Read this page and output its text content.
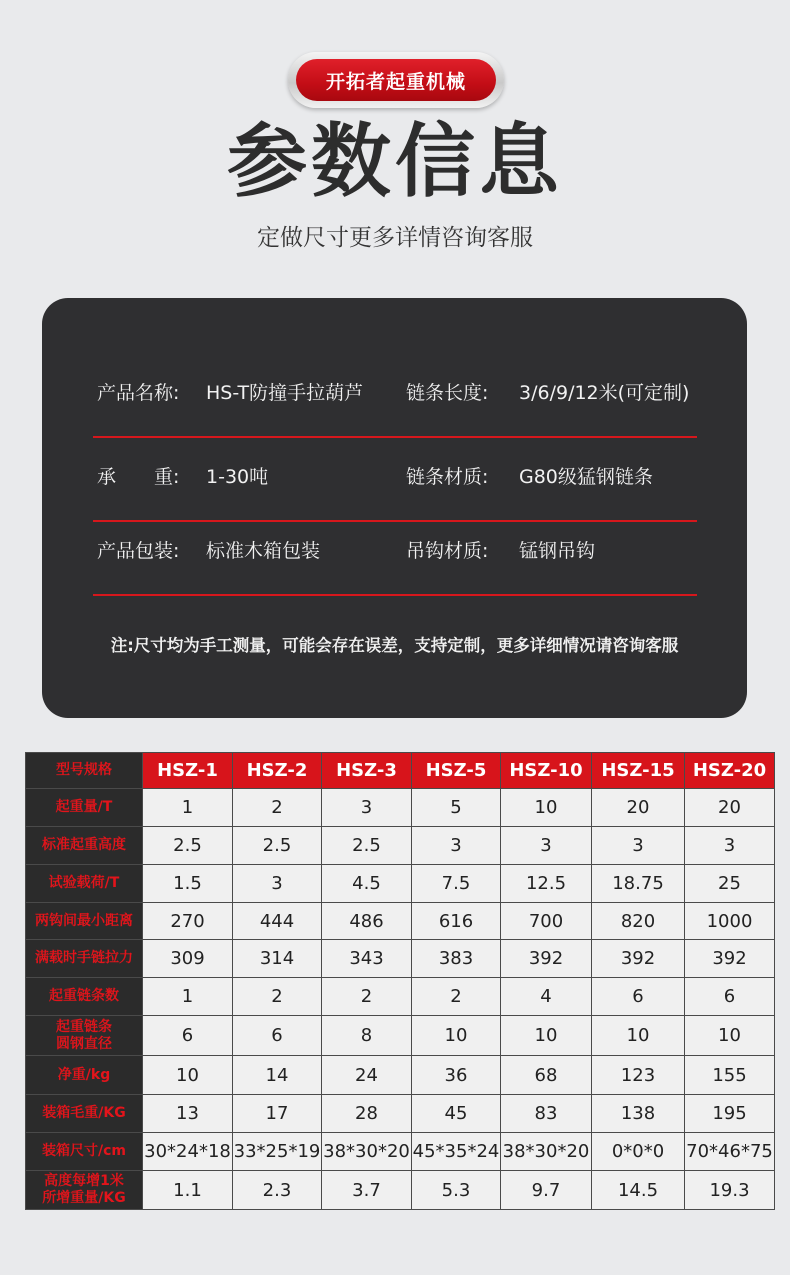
开拓者起重机械
参数信息
定做尺寸更多详情咨询客服
产品名称: HS-T防撞手拉葫芦 链条长度: 3/6/9/12米(可定制)
承　　重: 1-30吨	链条材质: G80级猛钢链条
产品包装: 标准木箱包装	吊钩材质: 锰钢吊钩
注:尺寸均为手工测量，可能会存在误差，支持定制，更多详细情况请咨询客服
型号规格	HSZ-1	HSZ-2	HSZ-3	HSZ-5	HSZ-10	HSZ-15	HSZ-20
起重量/T	1	2	3	5	10	20	20
标准起重高度	2.5	2.5	2.5	3	3	3	3
试验载荷/T	1.5	3	4.5	7.5	12.5	18.75	25
两钩间最小距离	270	444	486	616	700	820	1000
满载时手链拉力	309	314	343	383	392	392	392
起重链条数	1	2	2	2	4	6	6
起重链条
圆钢直径	6	6	8	10	10	10	10
净重/kg	10	14	24	36	68	123	155
装箱毛重/KG	13	17	28	45	83	138	195
装箱尺寸/cm	30*24*18	33*25*19	38*30*20	45*35*24	38*30*20	0*0*0	70*46*75
高度每增1米
所增重量/KG	1.1	2.3	3.7	5.3	9.7	14.5	19.3
